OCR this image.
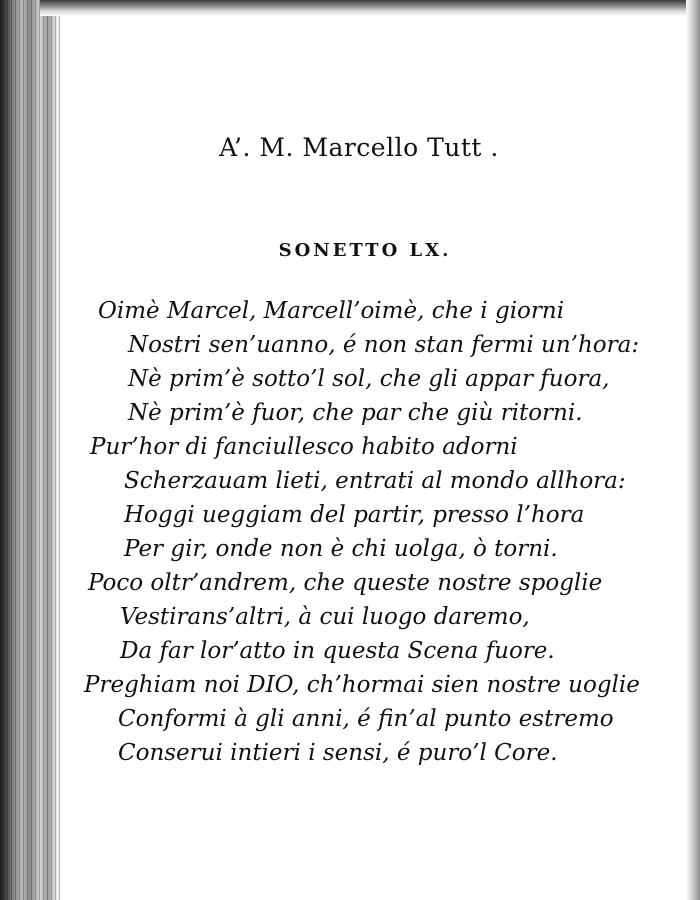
A’. M. Marcello Tutt .
SONETTO LX.
Oimè Marcel, Marcell’oimè, che i giorni
Nostri sen’uanno, é non stan fermi un’hora:
Nè prim’è sotto’l sol, che gli appar fuora,
Nè prim’è fuor, che par che giù ritorni.
Pur’hor di fanciullesco habito adorni
Scherzauam lieti, entrati al mondo allhora:
Hoggi ueggiam del partir, presso l’hora
Per gir, onde non è chi uolga, ò torni.
Poco oltr’andrem, che queste nostre spoglie
Vestirans’altri, à cui luogo daremo,
Da far lor’atto in questa Scena fuore.
Preghiam noi DIO, ch’hormai sien nostre uoglie
Conformi à gli anni, é fin’al punto estremo
Conserui intieri i sensi, é puro’l Core.
